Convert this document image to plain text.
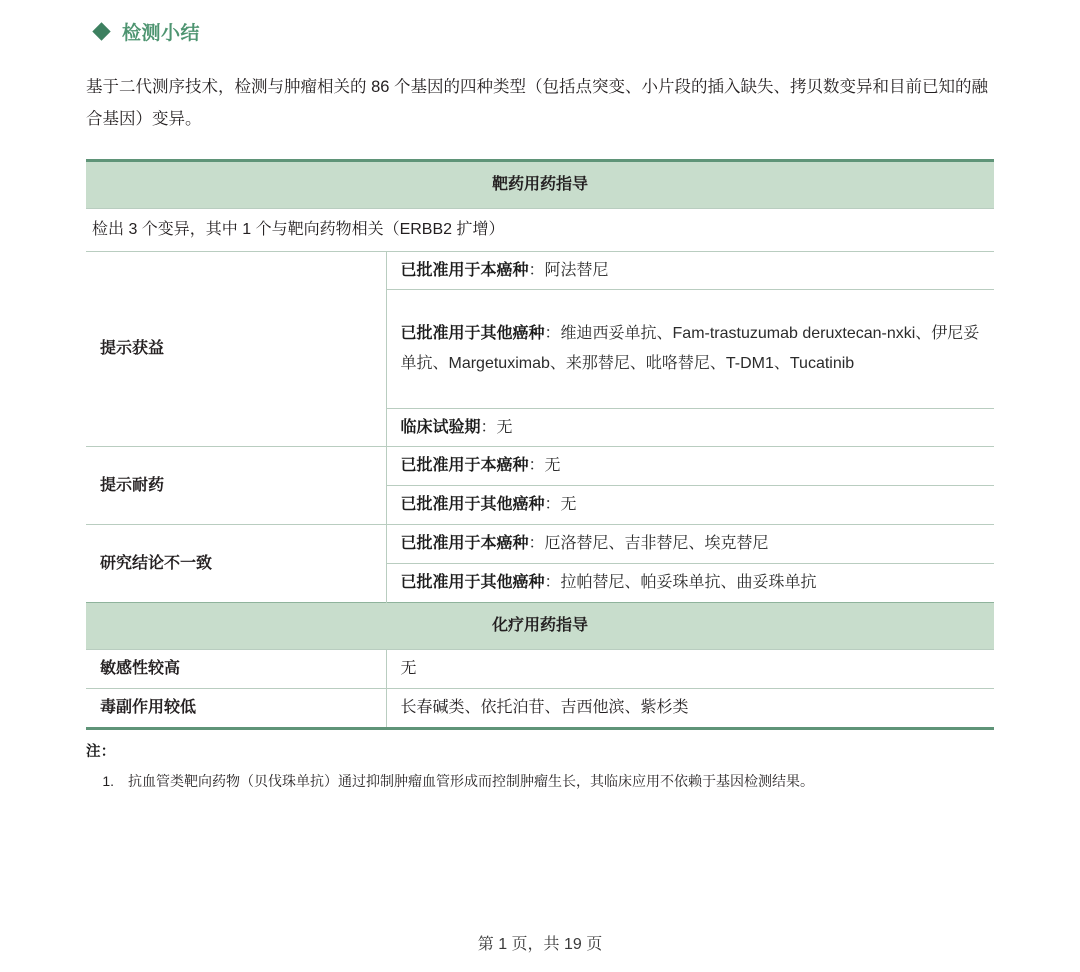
检测小结

基于二代测序技术，检测与肿瘤相关的 86 个基因的四种类型（包括点突变、小片段的插入缺失、拷贝数变异和目前已知的融合基因）变异。

靶药用药指导	
检出 3 个变异，其中 1 个与靶向药物相关（ERBB2 扩增）	
提示获益	已批准用于本癌种：阿法替尼
	已批准用于其他癌种：维迪西妥单抗、Fam-trastuzumab deruxtecan-nxki、伊尼妥单抗、Margetuximab、来那替尼、吡咯替尼、T-DM1、Tucatinib
	临床试验期：无
提示耐药	已批准用于本癌种：无
	已批准用于其他癌种：无
研究结论不一致	已批准用于本癌种：厄洛替尼、吉非替尼、埃克替尼
	已批准用于其他癌种：拉帕替尼、帕妥珠单抗、曲妥珠单抗
化疗用药指导	
敏感性较高	无
毒副作用较低	长春碱类、依托泊苷、吉西他滨、紫杉类
注：
1.	抗血管类靶向药物（贝伐珠单抗）通过抑制肿瘤血管形成而控制肿瘤生长，其临床应用不依赖于基因检测结果。
第 1 页，共 19 页
